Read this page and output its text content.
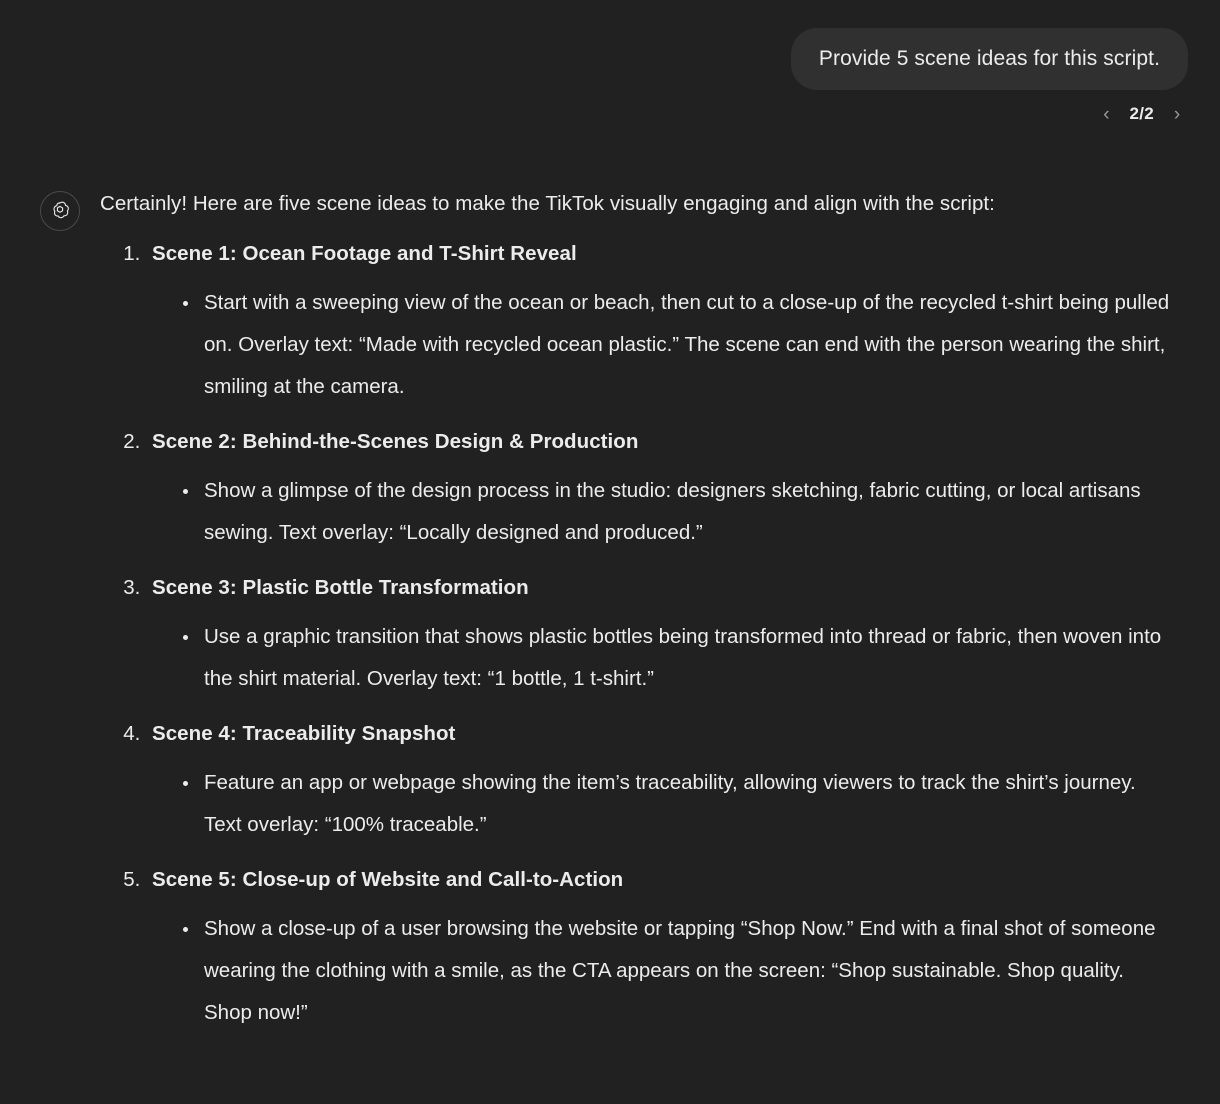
Provide 5 scene ideas for this script.
‹	2/2	›

Certainly! Here are five scene ideas to make the TikTok visually engaging and align with the script:

1. Scene 1: Ocean Footage and T-Shirt Reveal
• Start with a sweeping view of the ocean or beach, then cut to a close-up of the recycled t-shirt being pulled on. Overlay text: “Made with recycled ocean plastic.” The scene can end with the person wearing the shirt, smiling at the camera.
2. Scene 2: Behind-the-Scenes Design & Production
• Show a glimpse of the design process in the studio: designers sketching, fabric cutting, or local artisans sewing. Text overlay: “Locally designed and produced.”
3. Scene 3: Plastic Bottle Transformation
• Use a graphic transition that shows plastic bottles being transformed into thread or fabric, then woven into the shirt material. Overlay text: “1 bottle, 1 t-shirt.”
4. Scene 4: Traceability Snapshot
• Feature an app or webpage showing the item’s traceability, allowing viewers to track the shirt’s journey. Text overlay: “100% traceable.”
5. Scene 5: Close-up of Website and Call-to-Action
• Show a close-up of a user browsing the website or tapping “Shop Now.” End with a final shot of someone wearing the clothing with a smile, as the CTA appears on the screen: “Shop sustainable. Shop quality. Shop now!”
